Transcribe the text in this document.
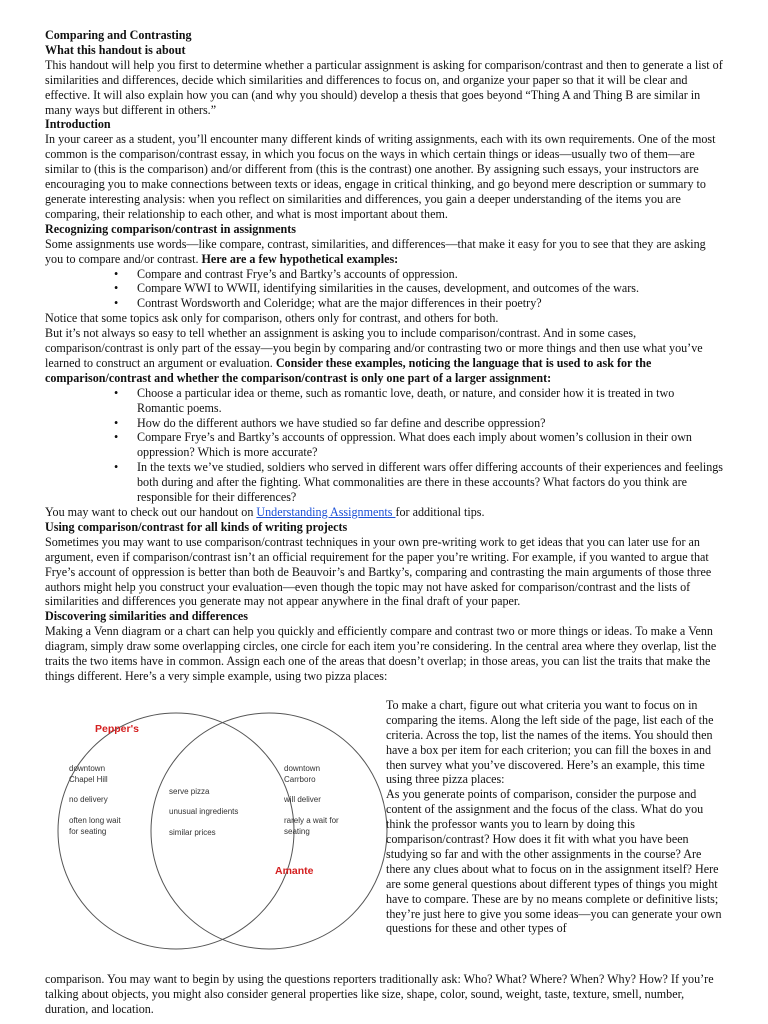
Comparing and Contrasting

What this handout is about

This handout will help you first to determine whether a particular assignment is asking for comparison/contrast and then to generate a list of similarities and differences, decide which similarities and differences to focus on, and organize your paper so that it will be clear and effective. It will also explain how you can (and why you should) develop a thesis that goes beyond “Thing A and Thing B are similar in many ways but different in others.”

Introduction

In your career as a student, you’ll encounter many different kinds of writing assignments, each with its own requirements. One of the most common is the comparison/contrast essay, in which you focus on the ways in which certain things or ideas—usually two of them—are similar to (this is the comparison) and/or different from (this is the contrast) one another. By assigning such essays, your instructors are encouraging you to make connections between texts or ideas, engage in critical thinking, and go beyond mere description or summary to generate interesting analysis: when you reflect on similarities and differences, you gain a deeper understanding of the items you are comparing, their relationship to each other, and what is most important about them.

Recognizing comparison/contrast in assignments

Some assignments use words—like compare, contrast, similarities, and differences—that make it easy for you to see that they are asking you to compare and/or contrast. Here are a few hypothetical examples:

• Compare and contrast Frye’s and Bartky’s accounts of oppression.
• Compare WWI to WWII, identifying similarities in the causes, development, and outcomes of the wars.
• Contrast Wordsworth and Coleridge; what are the major differences in their poetry?

Notice that some topics ask only for comparison, others only for contrast, and others for both.

But it’s not always so easy to tell whether an assignment is asking you to include comparison/contrast. And in some cases, comparison/contrast is only part of the essay—you begin by comparing and/or contrasting two or more things and then use what you’ve learned to construct an argument or evaluation. Consider these examples, noticing the language that is used to ask for the comparison/contrast and whether the comparison/contrast is only one part of a larger assignment:

• Choose a particular idea or theme, such as romantic love, death, or nature, and consider how it is treated in two Romantic poems.
• How do the different authors we have studied so far define and describe oppression?
• Compare Frye’s and Bartky’s accounts of oppression. What does each imply about women’s collusion in their own oppression? Which is more accurate?
• In the texts we’ve studied, soldiers who served in different wars offer differing accounts of their experiences and feelings both during and after the fighting. What commonalities are there in these accounts? What factors do you think are responsible for their differences?

You may want to check out our handout on Understanding Assignments for additional tips.

Using comparison/contrast for all kinds of writing projects

Sometimes you may want to use comparison/contrast techniques in your own pre-writing work to get ideas that you can later use for an argument, even if comparison/contrast isn’t an official requirement for the paper you’re writing. For example, if you wanted to argue that Frye’s account of oppression is better than both de Beauvoir’s and Bartky’s, comparing and contrasting the main arguments of those three authors might help you construct your evaluation—even though the topic may not have asked for comparison/contrast and the lists of similarities and differences you generate may not appear anywhere in the final draft of your paper.

Discovering similarities and differences

Making a Venn diagram or a chart can help you quickly and efficiently compare and contrast two or more things or ideas. To make a Venn diagram, simply draw some overlapping circles, one circle for each item you’re considering. In the central area where they overlap, list the traits the two items have in common. Assign each one of the areas that doesn’t overlap; in those areas, you can list the traits that make the things different. Here’s a very simple example, using two pizza places:

Pepper's
Amante
downtown
Chapel Hill
no delivery
often long wait
for seating
serve pizza
unusual ingredients
similar prices
downtown
Carrboro
will deliver
rarely a wait for
seating

To make a chart, figure out what criteria you want to focus on in comparing the items. Along the left side of the page, list each of the criteria. Across the top, list the names of the items. You should then have a box per item for each criterion; you can fill the boxes in and then survey what you’ve discovered. Here’s an example, this time using three pizza places:

As you generate points of comparison, consider the purpose and content of the assignment and the focus of the class. What do you think the professor wants you to learn by doing this comparison/contrast? How does it fit with what you have been studying so far and with the other assignments in the course? Are there any clues about what to focus on in the assignment itself? Here are some general questions about different types of things you might have to compare. These are by no means complete or definitive lists; they’re just here to give you some ideas—you can generate your own questions for these and other types of

comparison. You may want to begin by using the questions reporters traditionally ask: Who? What? Where? When? Why? How? If you’re talking about objects, you might also consider general properties like size, shape, color, sound, weight, taste, texture, smell, number, duration, and location.
